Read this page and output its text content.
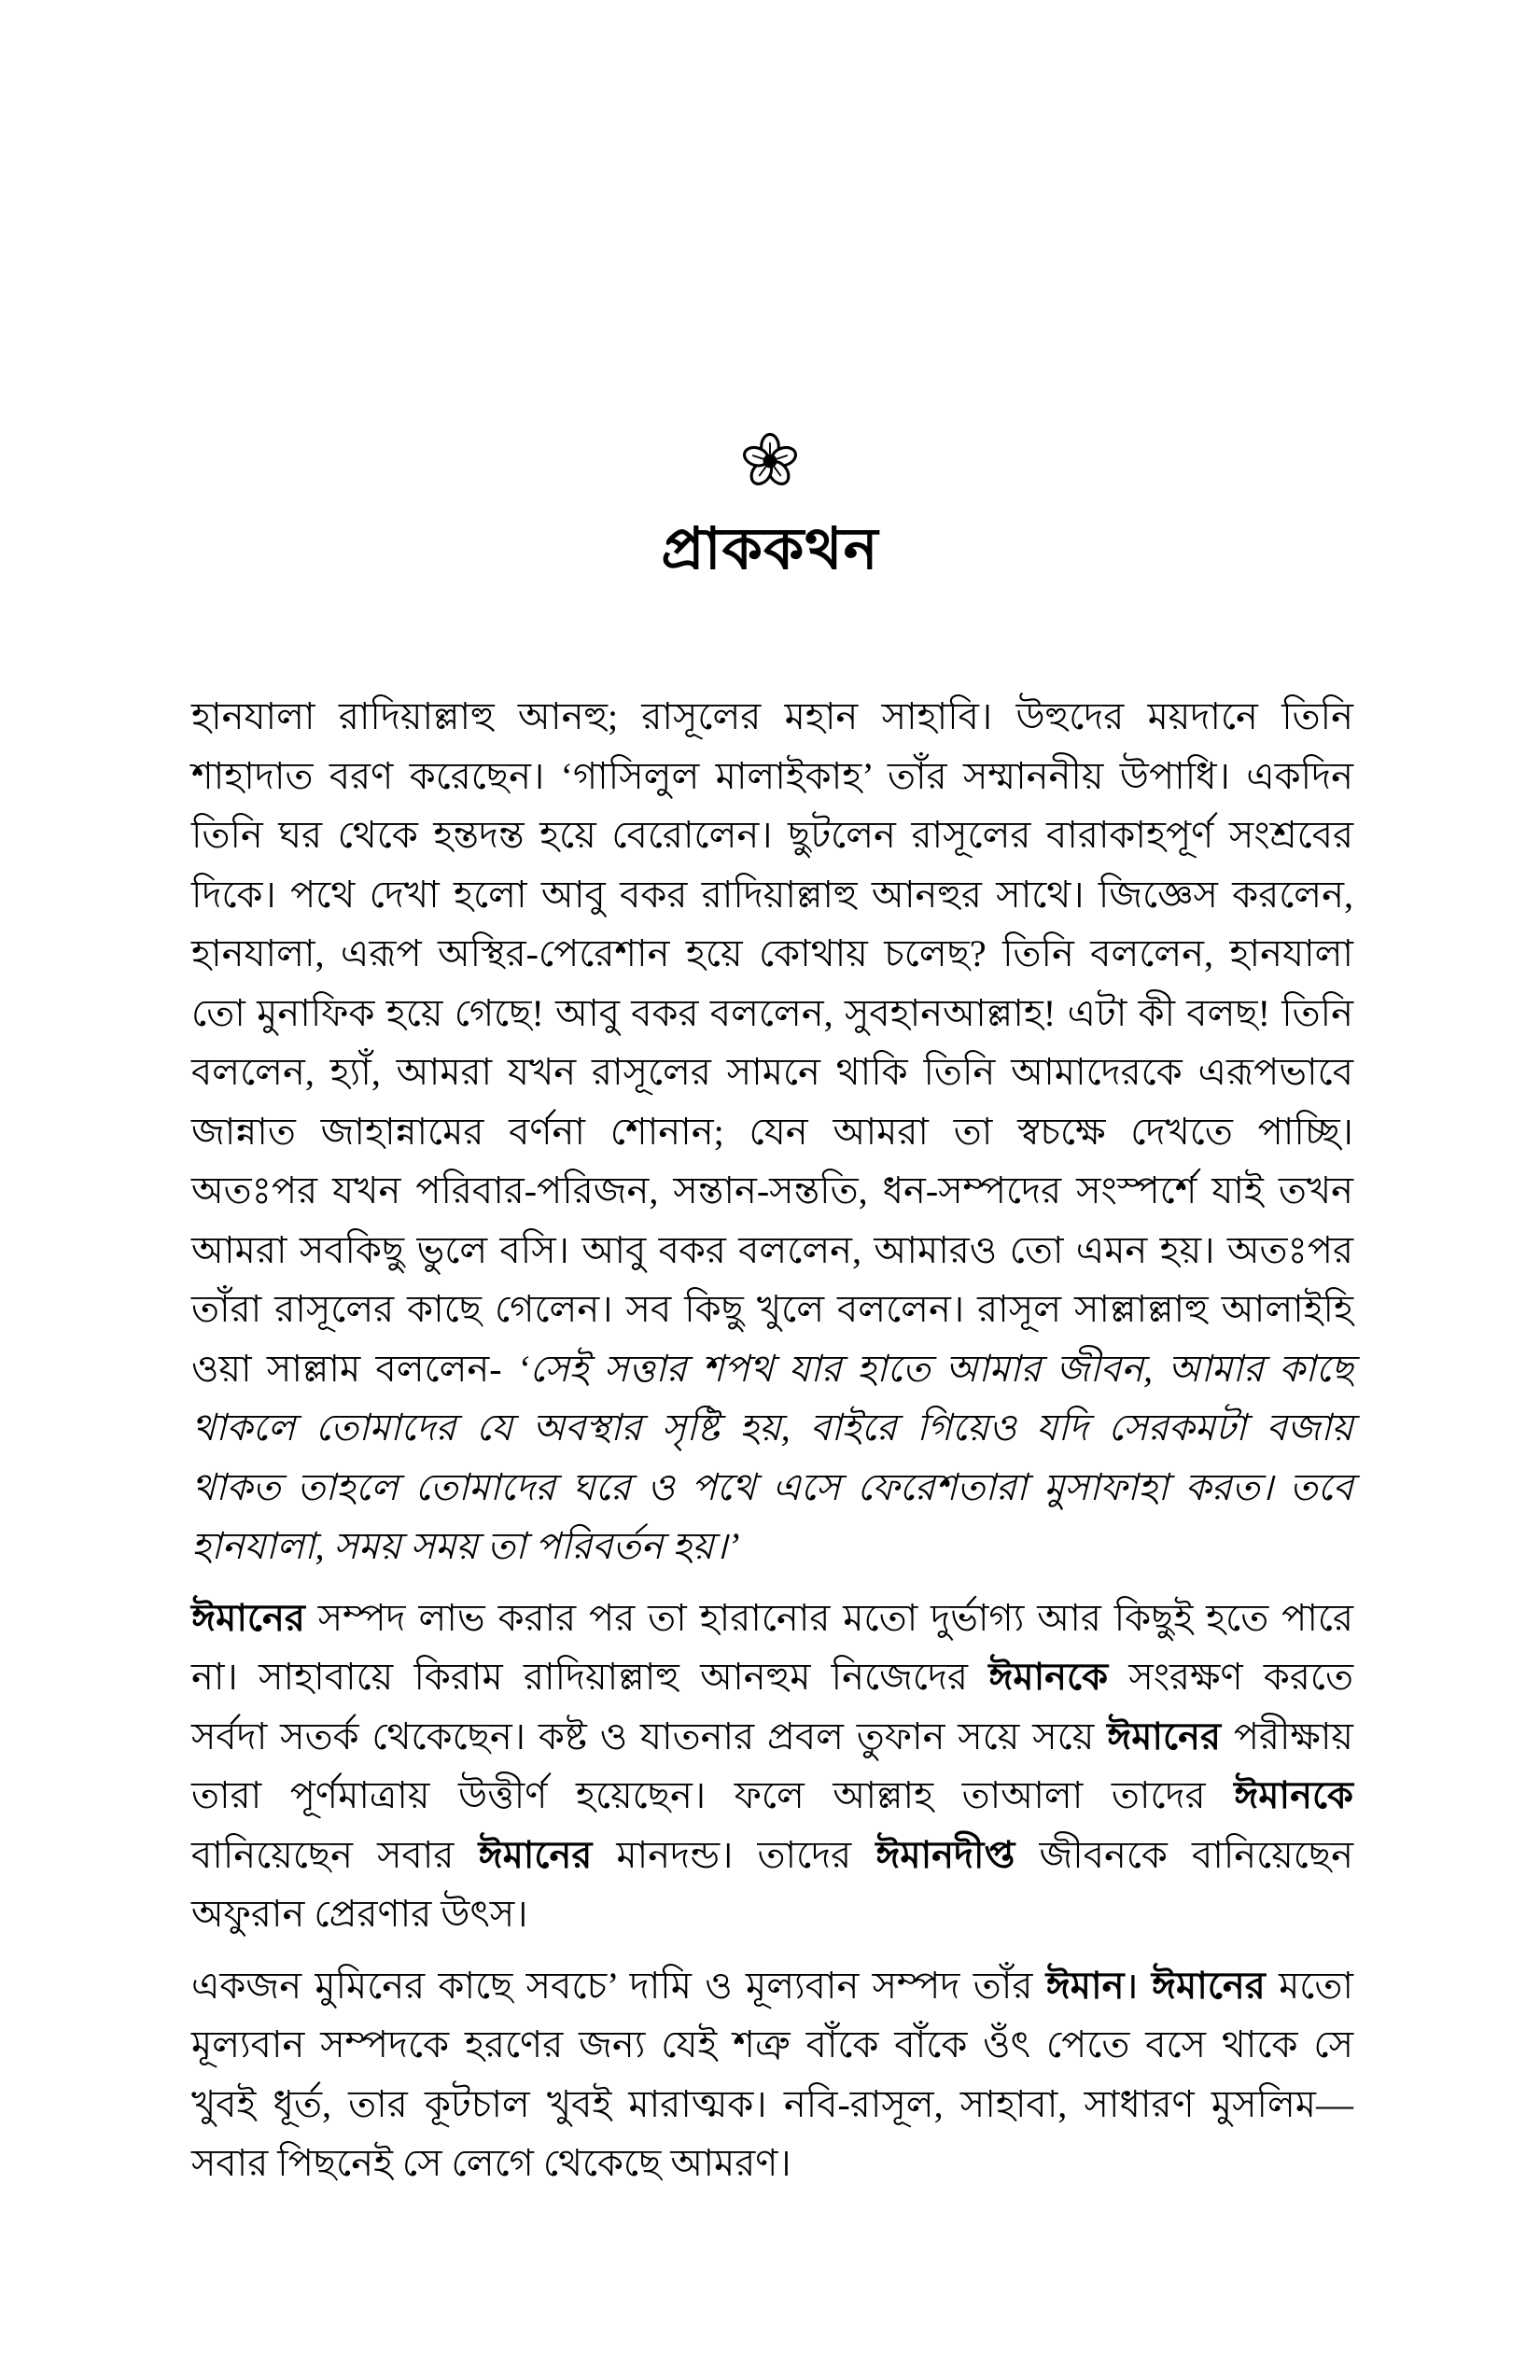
প্রাককথন
হানযালা রাদিয়াল্লাহু আনহু; রাসূলের মহান সাহাবি। উহুদের ময়দানে তিনি
শাহাদাত বরণ করেছেন। ‘গাসিলুল মালাইকাহ’ তাঁর সম্মাননীয় উপাধি। একদিন
তিনি ঘর থেকে হন্তদন্ত হয়ে বেরোলেন। ছুটলেন রাসূলের বারাকাহপূর্ণ সংশ্রবের
দিকে। পথে দেখা হলো আবু বকর রাদিয়াল্লাহু আনহুর সাথে। জিজ্ঞেস করলেন,
হানযালা, এরূপ অস্থির-পেরেশান হয়ে কোথায় চলেছ? তিনি বললেন, হানযালা
তো মুনাফিক হয়ে গেছে! আবু বকর বললেন, সুবহানআল্লাহ! এটা কী বলছ! তিনি
বললেন, হ্যাঁ, আমরা যখন রাসূলের সামনে থাকি তিনি আমাদেরকে এরূপভাবে
জান্নাত জাহান্নামের বর্ণনা শোনান; যেন আমরা তা স্বচক্ষে দেখতে পাচ্ছি।
অতঃপর যখন পরিবার-পরিজন, সন্তান-সন্ততি, ধন-সম্পদের সংস্পর্শে যাই তখন
আমরা সবকিছু ভুলে বসি। আবু বকর বললেন, আমারও তো এমন হয়। অতঃপর
তাঁরা রাসূলের কাছে গেলেন। সব কিছু খুলে বললেন। রাসূল সাল্লাল্লাহু আলাইহি
ওয়া সাল্লাম বললেন- ‘সেই সত্তার শপথ যার হাতে আমার জীবন, আমার কাছে
থাকলে তোমাদের যে অবস্থার সৃষ্টি হয়, বাইরে গিয়েও যদি সেরকমটা বজায়
থাকত তাহলে তোমাদের ঘরে ও পথে এসে ফেরেশতারা মুসাফাহা করত। তবে
হানযালা, সময় সময় তা পরিবর্তন হয়।’
ঈমানের সম্পদ লাভ করার পর তা হারানোর মতো দুর্ভাগ্য আর কিছুই হতে পারে
না। সাহাবায়ে কিরাম রাদিয়াল্লাহু আনহুম নিজেদের ঈমানকে সংরক্ষণ করতে
সর্বদা সতর্ক থেকেছেন। কষ্ট ও যাতনার প্রবল তুফান সয়ে সয়ে ঈমানের পরীক্ষায়
তারা পূর্ণমাত্রায় উত্তীর্ণ হয়েছেন। ফলে আল্লাহ তাআলা তাদের ঈমানকে
বানিয়েছেন সবার ঈমানের মানদন্ড। তাদের ঈমানদীপ্ত জীবনকে বানিয়েছেন
অফুরান প্রেরণার উৎস।
একজন মুমিনের কাছে সবচে’ দামি ও মূল্যবান সম্পদ তাঁর ঈমান। ঈমানের মতো
মূল্যবান সম্পদকে হরণের জন্য যেই শত্রু বাঁকে বাঁকে ওঁৎ পেতে বসে থাকে সে
খুবই ধূর্ত, তার কূটচাল খুবই মারাত্মক। নবি-রাসূল, সাহাবা, সাধারণ মুসলিম—
সবার পিছনেই সে লেগে থেকেছে আমরণ।
